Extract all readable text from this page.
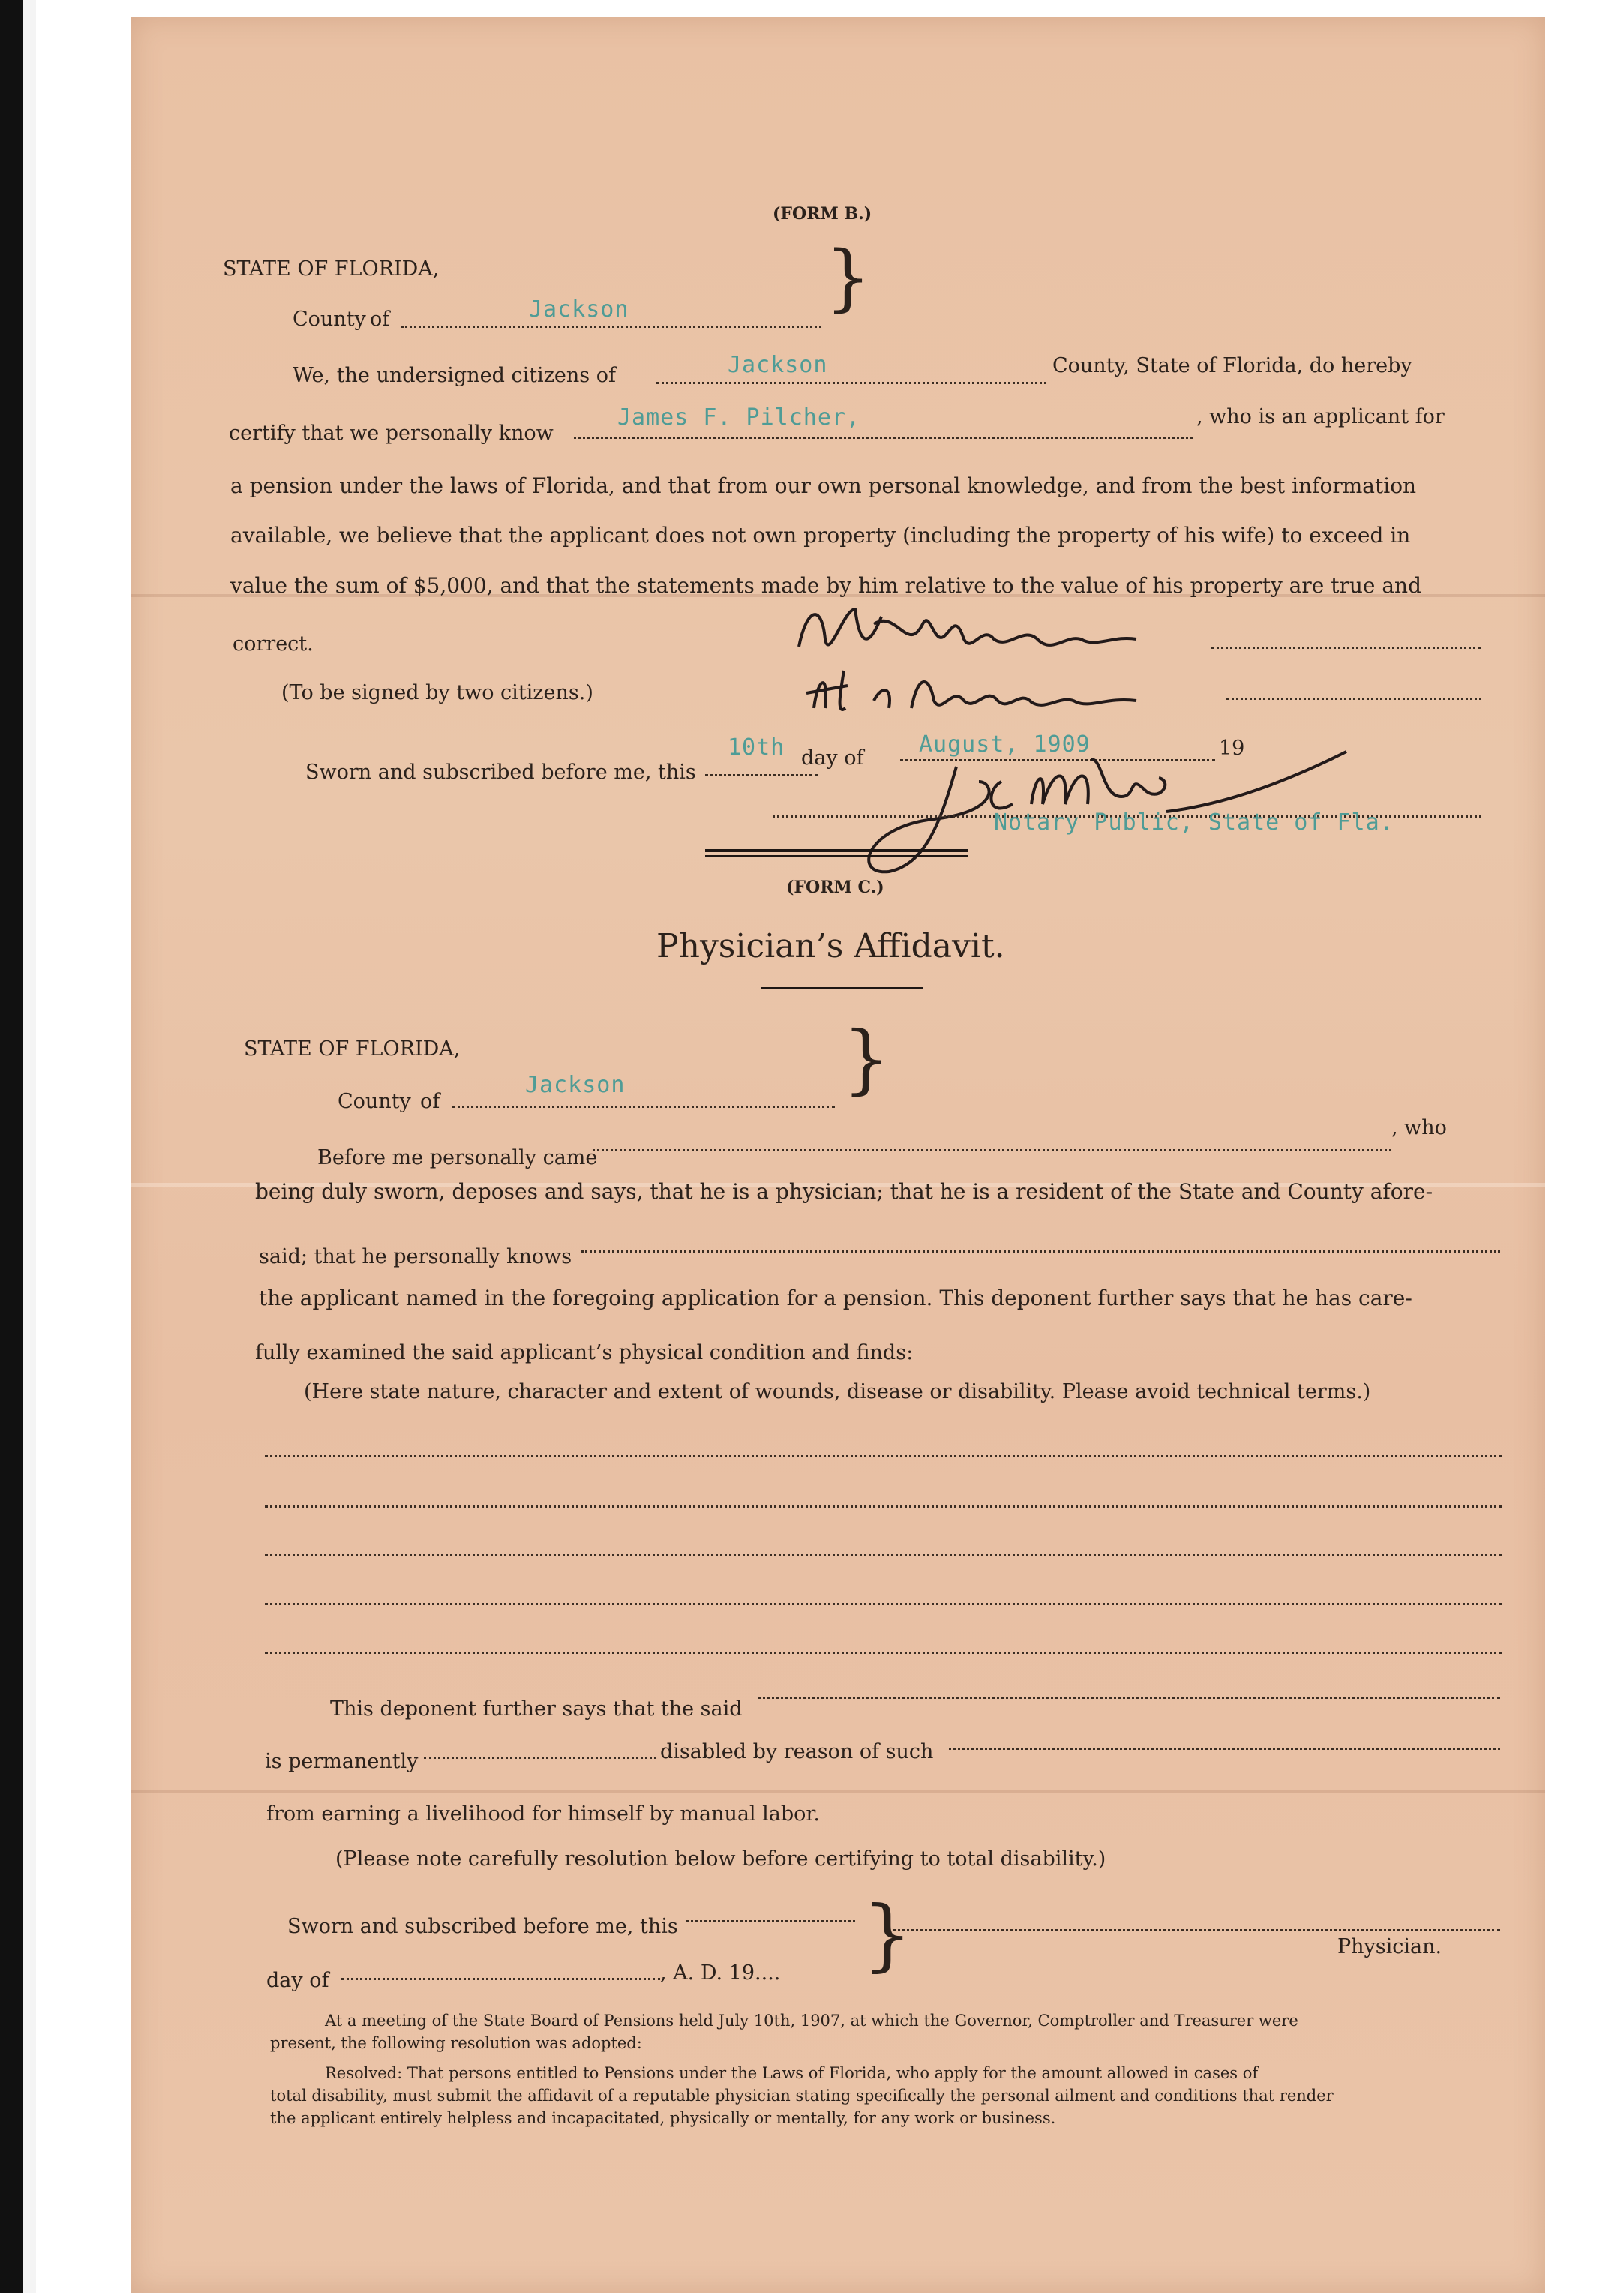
(FORM B.)
STATE OF FLORIDA,	}
County of	Jackson
We, the undersigned citizens of	Jackson	County, State of Florida, do hereby
certify that we personally know
James F. Pilcher,	, who is an applicant for
a pension under the laws of Florida, and that from our own personal knowledge, and from the best information
available, we believe that the applicant does not own property (including the property of his wife) to exceed in
value the sum of $5,000, and that the statements made by him relative to the value of his property are true and
correct.
(To be signed by two citizens.)
Sworn and subscribed before me, this
10th day of
August, 1909	19
Notary Public, State of Fla.
(FORM C.)
Physician’s Affidavit.
STATE OF FLORIDA,	}
County of
Jackson
Before me personally came
, who
being duly sworn, deposes and says, that he is a physician; that he is a resident of the State and County afore-
said; that he personally knows
the applicant named in the foregoing application for a pension. This deponent further says that he has care-
fully examined the said applicant’s physical condition and finds:
(Here state nature, character and extent of wounds, disease or disability. Please avoid technical terms.)
This deponent further says that the said
is permanently	disabled by reason of such
from earning a livelihood for himself by manual labor.
(Please note carefully resolution below before certifying to total disability.)
Sworn and subscribed before me, this }	Physician.
day of	, A. D. 19....
At a meeting of the State Board of Pensions held July 10th, 1907, at which the Governor, Comptroller and Treasurer were
present, the following resolution was adopted:
Resolved: That persons entitled to Pensions under the Laws of Florida, who apply for the amount allowed in cases of
total disability, must submit the affidavit of a reputable physician stating specifically the personal ailment and conditions that render
the applicant entirely helpless and incapacitated, physically or mentally, for any work or business.
